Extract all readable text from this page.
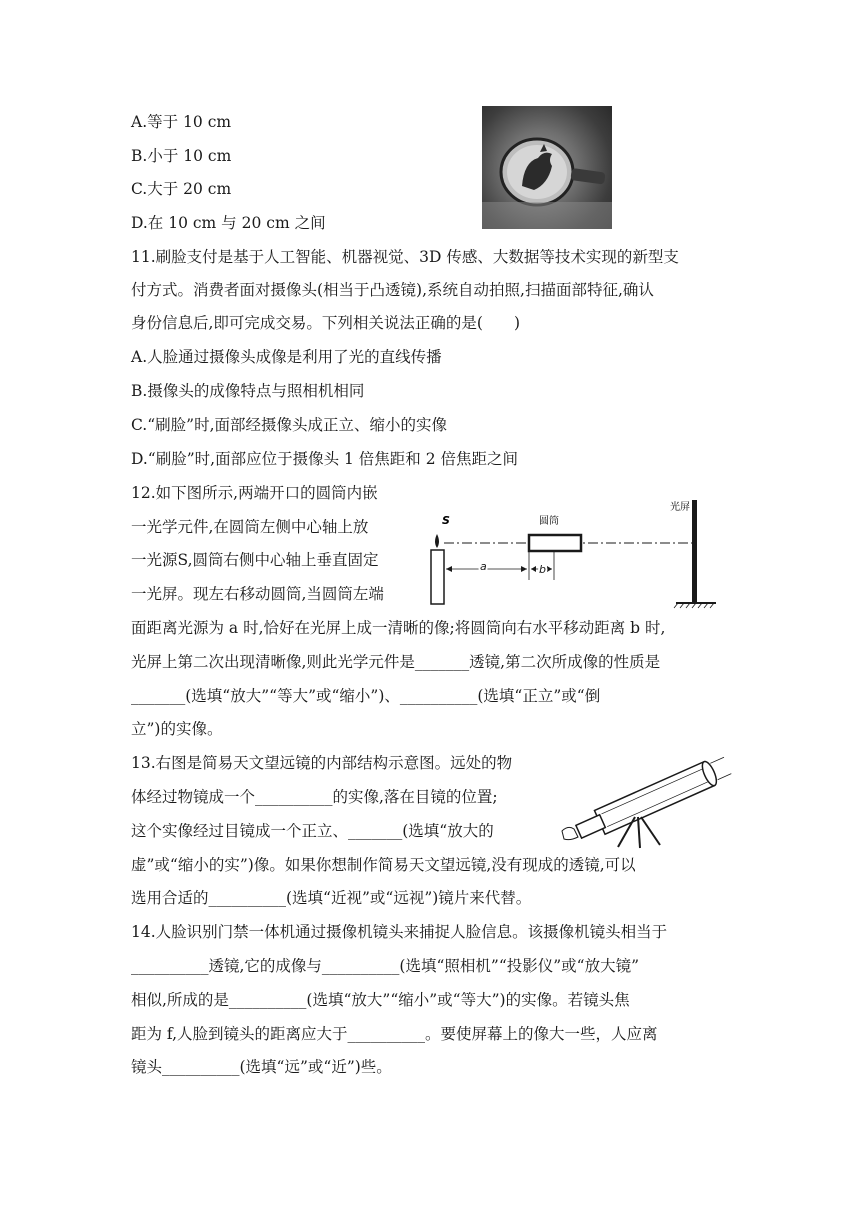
A.等于 10 cm
B.小于 10 cm
C.大于 20 cm
D.在 10 cm 与 20 cm 之间
11.刷脸支付是基于人工智能、机器视觉、3D 传感、大数据等技术实现的新型支
付方式。消费者面对摄像头(相当于凸透镜),系统自动拍照,扫描面部特征,确认
身份信息后,即可完成交易。下列相关说法正确的是(　　)
A.人脸通过摄像头成像是利用了光的直线传播
B.摄像头的成像特点与照相机相同
C.“刷脸”时,面部经摄像头成正立、缩小的实像
D.“刷脸”时,面部应位于摄像头 1 倍焦距和 2 倍焦距之间
12.如下图所示,两端开口的圆筒内嵌
一光学元件,在圆筒左侧中心轴上放
一光源S,圆筒右侧中心轴上垂直固定
一光屏。现左右移动圆筒,当圆筒左端
面距离光源为 a 时,恰好在光屏上成一清晰的像;将圆筒向右水平移动距离 b 时,
光屏上第二次出现清晰像,则此光学元件是_______透镜,第二次所成像的性质是
_______(选填“放大”“等大”或“缩小”)、__________(选填“正立”或“倒
立”)的实像。
S	圆筒
a	b
光屏
13.右图是简易天文望远镜的内部结构示意图。远处的物
体经过物镜成一个__________的实像,落在目镜的位置;
这个实像经过目镜成一个正立、_______(选填“放大的
虚”或“缩小的实”)像。如果你想制作简易天文望远镜,没有现成的透镜,可以
选用合适的__________(选填“近视”或“远视”)镜片来代替。
14.人脸识别门禁一体机通过摄像机镜头来捕捉人脸信息。该摄像机镜头相当于
__________透镜,它的成像与__________(选填“照相机”“投影仪”或“放大镜”
相似,所成的是__________(选填“放大”“缩小”或“等大”)的实像。若镜头焦
距为 f,人脸到镜头的距离应大于__________。要使屏幕上的像大一些，人应离
镜头__________(选填“远”或“近”)些。
